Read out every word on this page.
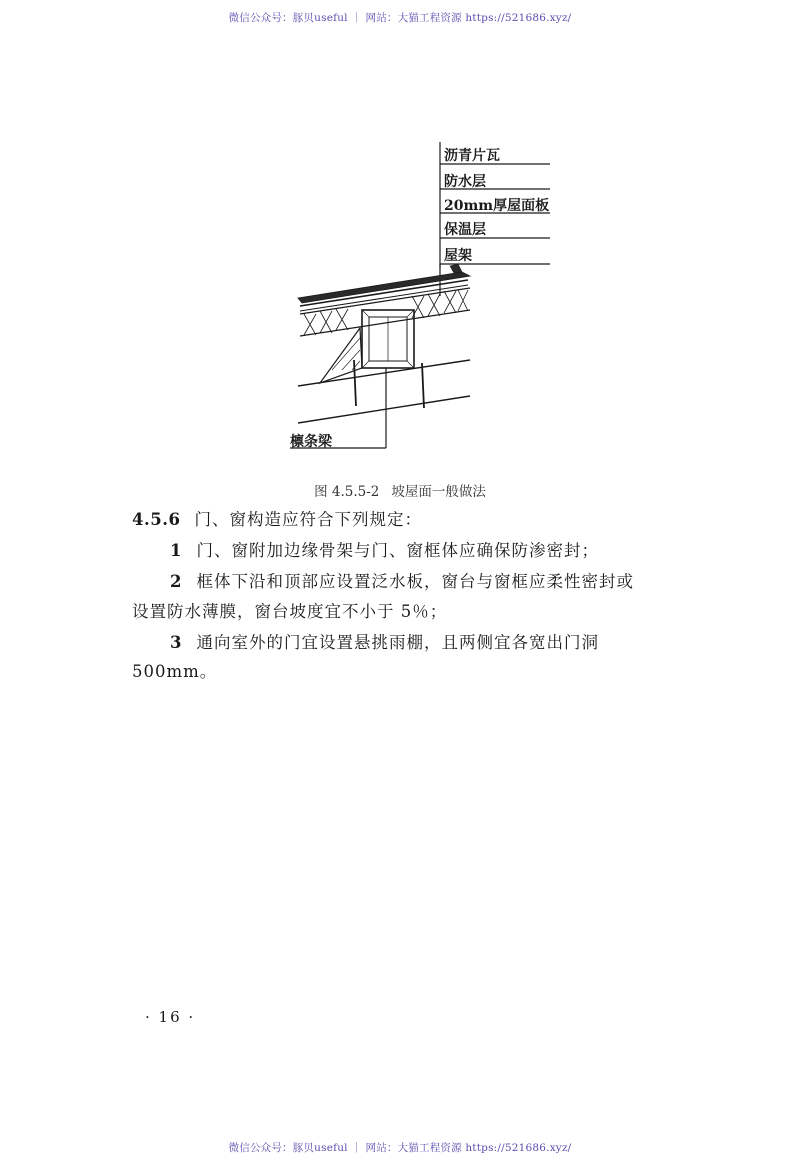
微信公众号：豚贝useful ｜ 网站：大猫工程资源 https://521686.xyz/
沥青片瓦
防水层
20mm厚屋面板
保温层
屋架
檩条梁
图 4.5.5-2 坡屋面一般做法
4.5.6 门、窗构造应符合下列规定：
1 门、窗附加边缘骨架与门、窗框体应确保防渗密封；
2 框体下沿和顶部应设置泛水板，窗台与窗框应柔性密封或
设置防水薄膜，窗台坡度宜不小于 5％；
3 通向室外的门宜设置悬挑雨棚，且两侧宜各宽出门洞
500mm。
· 16 ·
微信公众号：豚贝useful ｜ 网站：大猫工程资源 https://521686.xyz/
